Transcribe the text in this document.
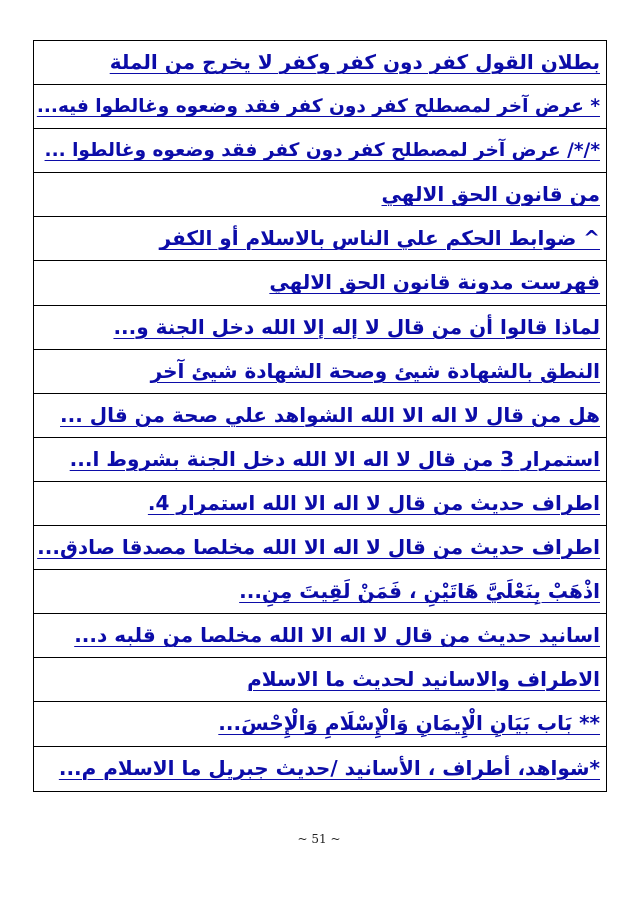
بطلان القول كفر دون كفر وكفر لا يخرج من الملة
* عرض آخر لمصطلح كفر دون كفر فقد وضعوه وغالطوا فيه...
*/*/ عرض آخر لمصطلح كفر دون كفر فقد وضعوه وغالطوا ...
من قانون الحق الالهي
^ ضوابط الحكم علي الناس بالاسلام أو الكفر
فهرست مدونة قانون الحق الالهي
لماذا قالوا أن من قال لا إله إلا الله دخل الجنة و...
النطق بالشهادة شيئ وصحة الشهادة شيئ آخر
هل من قال لا اله الا الله الشواهد علي صحة من قال ...
استمرار 3 من قال لا اله الا الله دخل الجنة بشروط ا...
اطراف حديث من قال لا اله الا الله استمرار 4.
اطراف حديث من قال لا اله الا الله مخلصا مصدقا صادق...
اذْهَبْ بِنَعْلَيَّ هَاتَيْنِ ، فَمَنْ لَقِيتَ مِنِ...
اسانيد حديث من قال لا اله الا الله مخلصا من قلبه د...
الاطراف والاسانيد لحديث ما الاسلام
** بَاب بَيَانِ الْإِيمَانِ وَالْإِسْلَامِ وَالْإِحْسَ...
*شواهد، أطراف ، الأسانيد /حديث جبريل ما الاسلام م...
~ 51 ~
